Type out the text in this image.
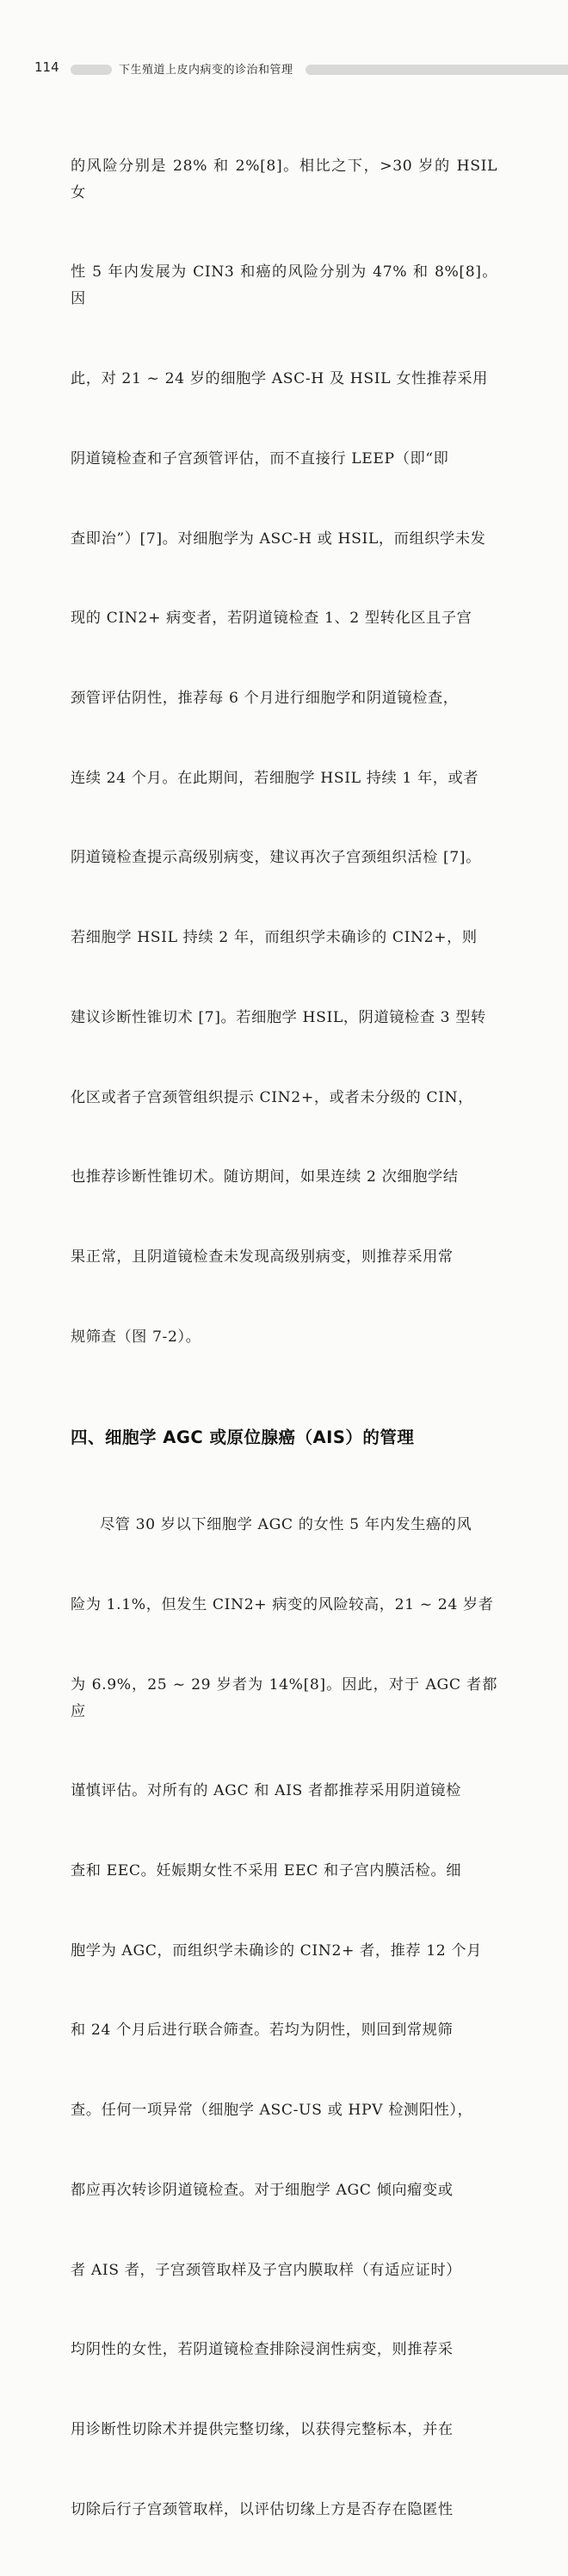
114	下生殖道上皮内病变的诊治和管理

的风险分别是 28% 和 2%[8]。相比之下，>30 岁的 HSIL 女

性 5 年内发展为 CIN3 和癌的风险分别为 47% 和 8%[8]。因

此，对 21 ~ 24 岁的细胞学 ASC-H 及 HSIL 女性推荐采用

阴道镜检查和子宫颈管评估，而不直接行 LEEP（即“即

查即治”）[7]。对细胞学为 ASC-H 或 HSIL，而组织学未发

现的 CIN2+ 病变者，若阴道镜检查 1、2 型转化区且子宫

颈管评估阴性，推荐每 6 个月进行细胞学和阴道镜检查，

连续 24 个月。在此期间，若细胞学 HSIL 持续 1 年，或者

阴道镜检查提示高级别病变，建议再次子宫颈组织活检 [7]。

若细胞学 HSIL 持续 2 年，而组织学未确诊的 CIN2+，则

建议诊断性锥切术 [7]。若细胞学 HSIL，阴道镜检查 3 型转

化区或者子宫颈管组织提示 CIN2+，或者未分级的 CIN，

也推荐诊断性锥切术。随访期间，如果连续 2 次细胞学结

果正常，且阴道镜检查未发现高级别病变，则推荐采用常

规筛查（图 7-2）。

四、细胞学 AGC 或原位腺癌（AIS）的管理

尽管 30 岁以下细胞学 AGC 的女性 5 年内发生癌的风

险为 1.1%，但发生 CIN2+ 病变的风险较高，21 ~ 24 岁者

为 6.9%，25 ~ 29 岁者为 14%[8]。因此，对于 AGC 者都应

谨慎评估。对所有的 AGC 和 AIS 者都推荐采用阴道镜检

查和 EEC。妊娠期女性不采用 EEC 和子宫内膜活检。细

胞学为 AGC，而组织学未确诊的 CIN2+ 者，推荐 12 个月

和 24 个月后进行联合筛查。若均为阴性，则回到常规筛

查。任何一项异常（细胞学 ASC-US 或 HPV 检测阳性），

都应再次转诊阴道镜检查。对于细胞学 AGC 倾向瘤变或

者 AIS 者，子宫颈管取样及子宫内膜取样（有适应证时）

均阴性的女性，若阴道镜检查排除浸润性病变，则推荐采

用诊断性切除术并提供完整切缘，以获得完整标本，并在

切除后行子宫颈管取样，以评估切缘上方是否存在隐匿性
